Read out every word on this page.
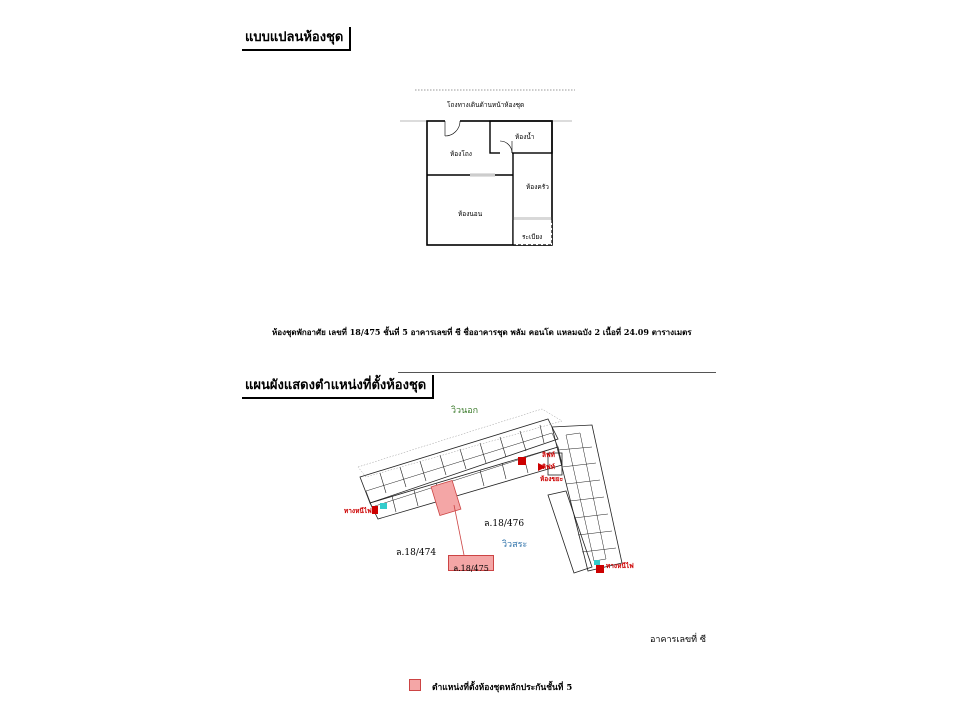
แบบแปลนห้องชุด
โถงทางเดินด้านหน้าห้องชุด
ห้องโถง
ห้องน้ำ
ห้องครัว
ห้องนอน
ระเบียง
ห้องชุดพักอาศัย เลขที่ 18/475 ชั้นที่ 5 อาคารเลขที่ ซี ชื่ออาคารชุด พลัม คอนโด แหลมฉบัง 2 เนื้อที่ 24.09 ตารางเมตร
แผนผังแสดงตำแหน่งที่ตั้งห้องชุด
วิวนอก
วิวสระ
ล.18/474
ล.18/476
ทางหนีไฟ
ทางหนีไฟ
ลิฟท์
ลิฟท์
ห้องขยะ
ล.18/475
อาคารเลขที่ ซี
ตำแหน่งที่ตั้งห้องชุดหลักประกันชั้นที่ 5
